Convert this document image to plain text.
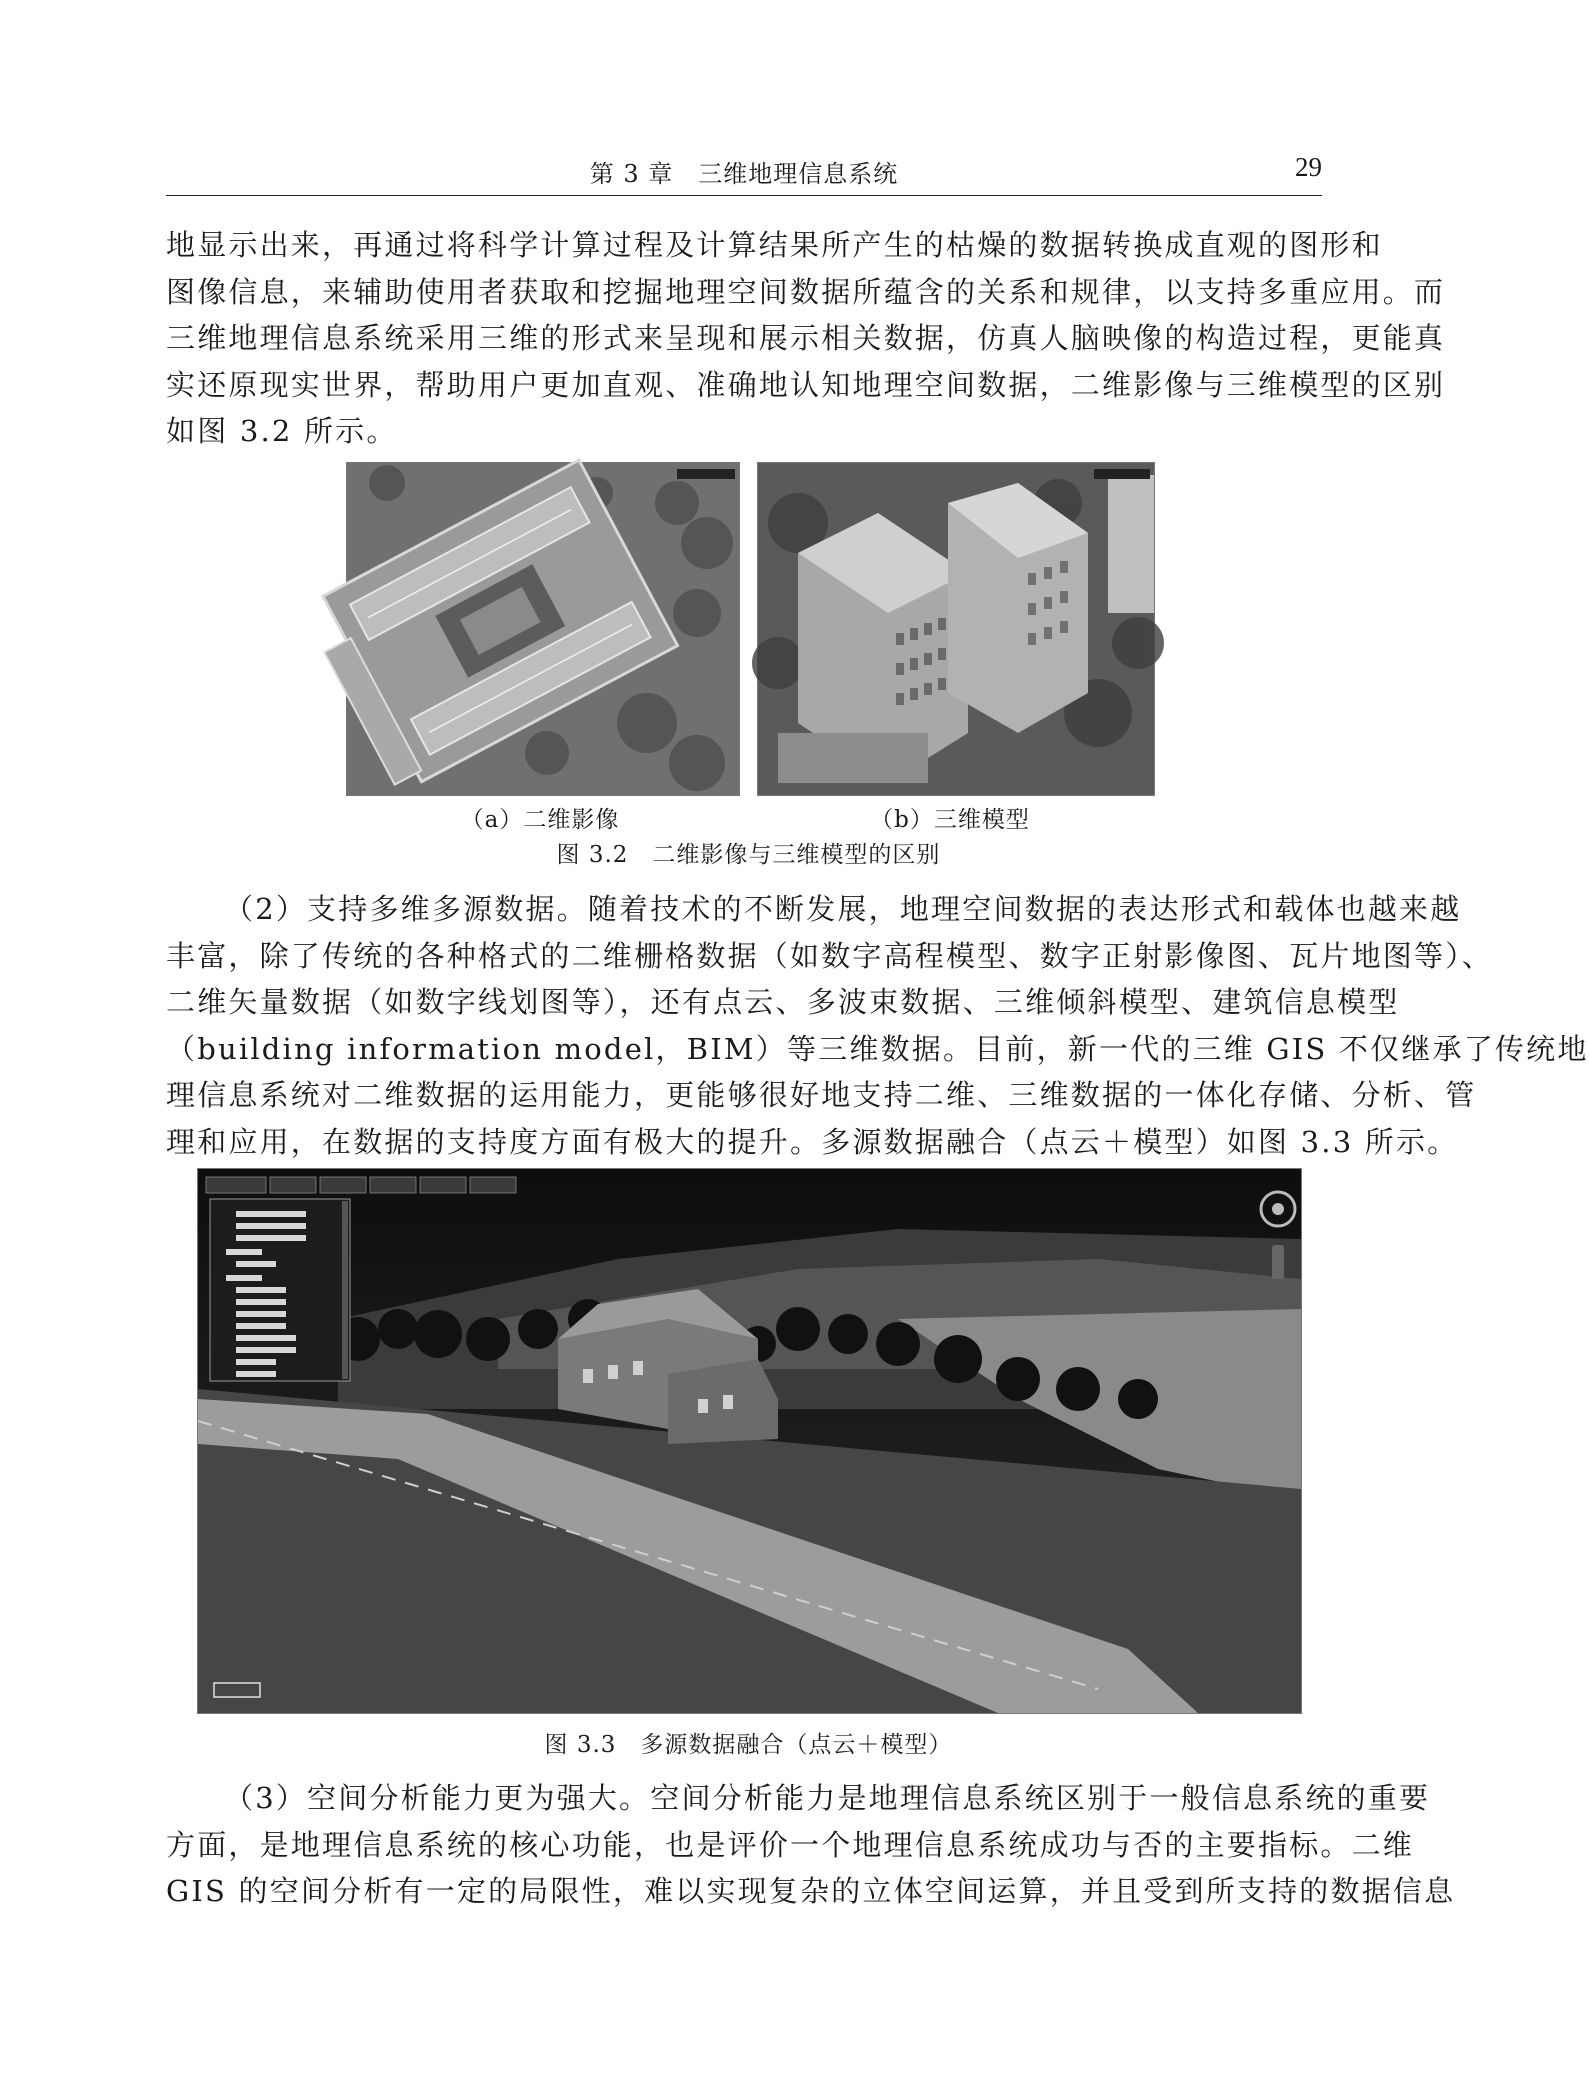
第 3 章　三维地理信息系统	29
地显示出来，再通过将科学计算过程及计算结果所产生的枯燥的数据转换成直观的图形和
图像信息，来辅助使用者获取和挖掘地理空间数据所蕴含的关系和规律，以支持多重应用。而
三维地理信息系统采用三维的形式来呈现和展示相关数据，仿真人脑映像的构造过程，更能真
实还原现实世界，帮助用户更加直观、准确地认知地理空间数据，二维影像与三维模型的区别
如图 3.2 所示。
（a）二维影像	（b）三维模型
图 3.2　二维影像与三维模型的区别
（2）支持多维多源数据。随着技术的不断发展，地理空间数据的表达形式和载体也越来越
丰富，除了传统的各种格式的二维栅格数据（如数字高程模型、数字正射影像图、瓦片地图等）、
二维矢量数据（如数字线划图等），还有点云、多波束数据、三维倾斜模型、建筑信息模型
（building information model，BIM）等三维数据。目前，新一代的三维 GIS 不仅继承了传统地
理信息系统对二维数据的运用能力，更能够很好地支持二维、三维数据的一体化存储、分析、管
理和应用，在数据的支持度方面有极大的提升。多源数据融合（点云＋模型）如图 3.3 所示。
图 3.3　多源数据融合（点云＋模型）
（3）空间分析能力更为强大。空间分析能力是地理信息系统区别于一般信息系统的重要
方面，是地理信息系统的核心功能，也是评价一个地理信息系统成功与否的主要指标。二维
GIS 的空间分析有一定的局限性，难以实现复杂的立体空间运算，并且受到所支持的数据信息
